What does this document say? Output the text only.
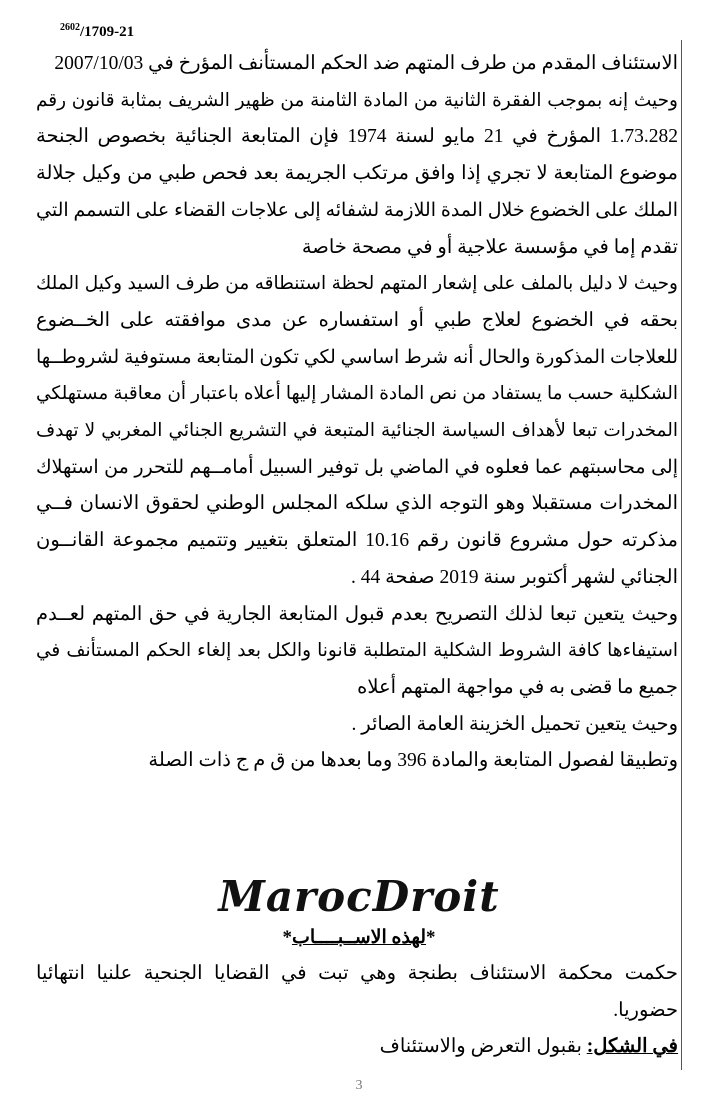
$^{2602}$/1709-21
الاستئناف المقدم من طرف المتهم ضد الحكم المستأنف المؤرخ في 2007/10/03
وحيث إنه بموجب الفقرة الثانية من المادة الثامنة من ظهير الشريف بمثابة قانون رقم
1.73.282 المؤرخ في 21 مايو لسنة 1974 فإن المتابعة الجنائية بخصوص الجنحة
موضوع المتابعة لا تجري إذا وافق مرتكب الجريمة بعد فحص طبي من وكيل جلالة
الملك على الخضوع خلال المدة اللازمة لشفائه إلى علاجات القضاء على التسمم التي
تقدم إما في مؤسسة علاجية أو في مصحة خاصة
وحيث لا دليل بالملف على إشعار المتهم لحظة استنطاقه من طرف السيد وكيل الملك
بحقه في الخضوع لعلاج طبي أو استفساره عن مدى موافقته على الخــضوع
للعلاجات المذكورة والحال أنه شرط اساسي لكي تكون المتابعة مستوفية لشروطــها
الشكلية حسب ما يستفاد من نص المادة المشار إليها أعلاه باعتبار أن معاقبة مستهلكي
المخدرات تبعا لأهداف السياسة الجنائية المتبعة في التشريع الجنائي المغربي لا تهدف
إلى محاسبتهم عما فعلوه في الماضي بل توفير السبيل أمامــهم للتحرر من استهلاك
المخدرات مستقبلا وهو التوجه الذي سلكه المجلس الوطني لحقوق الانسان فــي
مذكرته حول مشروع قانون رقم 10.16 المتعلق بتغيير وتتميم مجموعة القانــون
الجنائي لشهر أكتوبر سنة 2019 صفحة 44 .
وحيث يتعين تبعا لذلك التصريح بعدم قبول المتابعة الجارية في حق المتهم لعــدم
استيفاءها كافة الشروط الشكلية المتطلبة قانونا والكل بعد إلغاء الحكم المستأنف في
جميع ما قضى به في مواجهة المتهم أعلاه
وحيث يتعين تحميل الخزينة العامة الصائر .
وتطبيقا لفصول المتابعة والمادة 396 وما بعدها من ق م ج ذات الصلة
MarocDroit
*لهذه الاســبــــاب*
حكمت محكمة الاستئناف بطنجة وهي تبت في القضايا الجنحية علنيا انتهائيا
حضوريا.
في الشكل: بقبول التعرض والاستئناف
3
